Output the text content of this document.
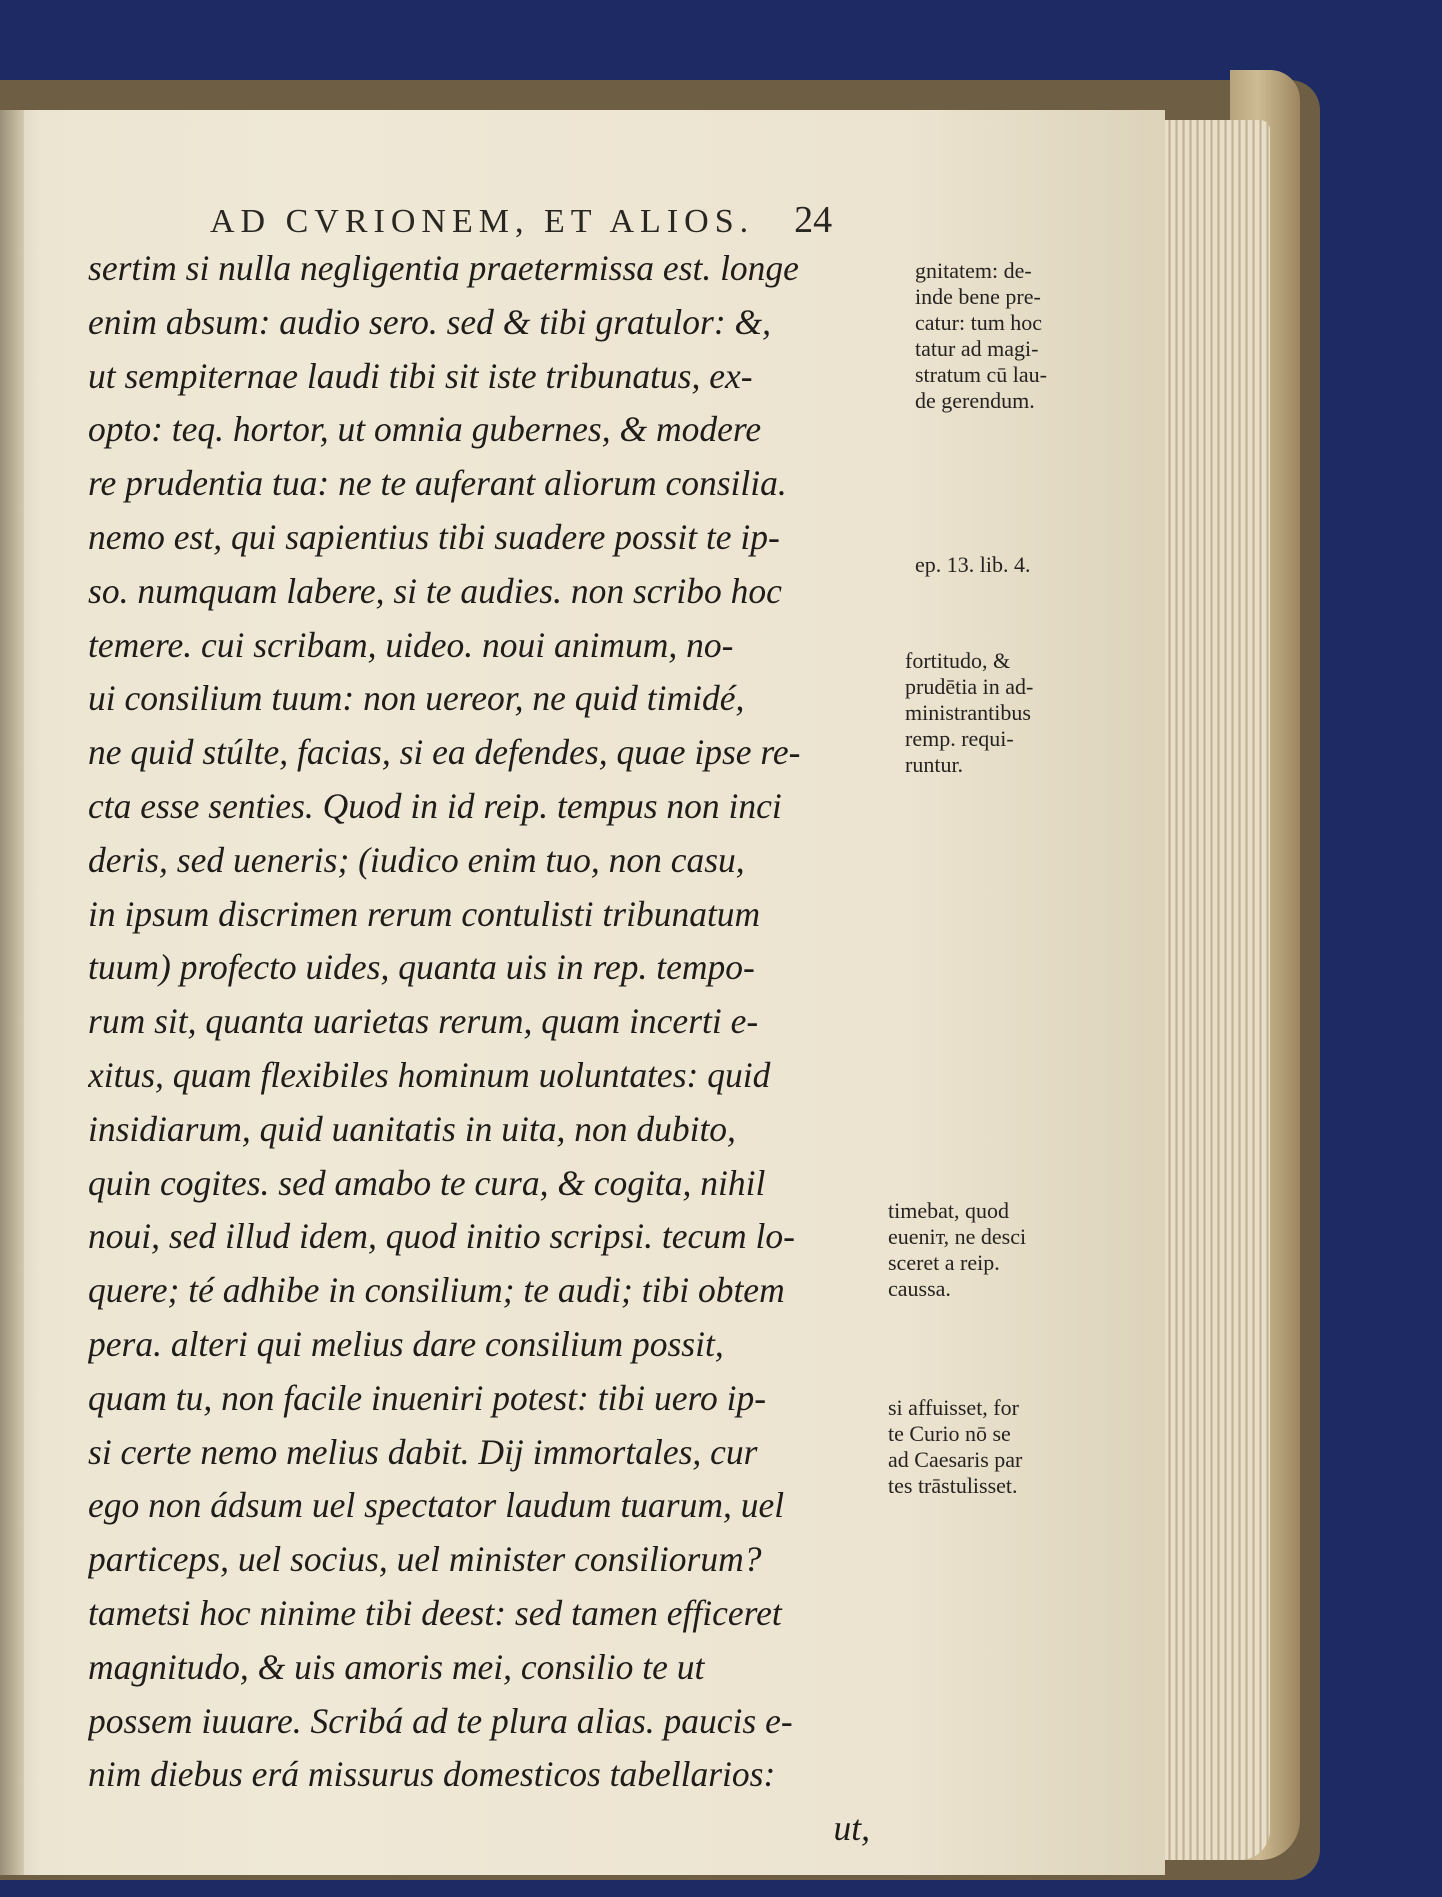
AD CVRIONEM, ET ALIOS. 24
sertim si nulla negligentia praetermissa est. longe
enim absum: audio sero. sed & tibi gratulor: &,
ut sempiternae laudi tibi sit iste tribunatus, ex-
opto: teq. hortor, ut omnia gubernes, & modere
re prudentia tua: ne te auferant aliorum consilia.
nemo est, qui sapientius tibi suadere possit te ip-
so. numquam labere, si te audies. non scribo hoc
temere. cui scribam, uideo. noui animum, no-
ui consilium tuum: non uereor, ne quid timidé,
ne quid stúlte, facias, si ea defendes, quae ipse re-
cta esse senties. Quod in id reip. tempus non inci
deris, sed ueneris; (iudico enim tuo, non casu,
in ipsum discrimen rerum contulisti tribunatum
tuum) profecto uides, quanta uis in rep. tempo-
rum sit, quanta uarietas rerum, quam incerti e-
xitus, quam flexibiles hominum uoluntates: quid
insidiarum, quid uanitatis in uita, non dubito,
quin cogites. sed amabo te cura, & cogita, nihil
noui, sed illud idem, quod initio scripsi. tecum lo-
quere; té adhibe in consilium; te audi; tibi obtem
pera. alteri qui melius dare consilium possit,
quam tu, non facile inueniri potest: tibi uero ip-
si certe nemo melius dabit. Dij immortales, cur
ego non ádsum uel spectator laudum tuarum, uel
particeps, uel socius, uel minister consiliorum?
tametsi hoc ninime tibi deest: sed tamen efficeret
magnitudo, & uis amoris mei, consilio te ut
possem iuuare. Scribá ad te plura alias. paucis e-
nim diebus erá missurus domesticos tabellarios:
ut,
gnitatem: de-
inde bene pre-
catur: tum hoc
tatur ad magi-
stratum cū lau-
de gerendum.
ep. 13. lib. 4.
fortitudo, &
prudētia in ad-
ministrantibus
remp. requi-
runtur.
timebat, quod
eueniт, ne desci
sceret a reip.
caussa.
si affuisset, for
te Curio nō se
ad Caesaris par
tes trāstulisset.
